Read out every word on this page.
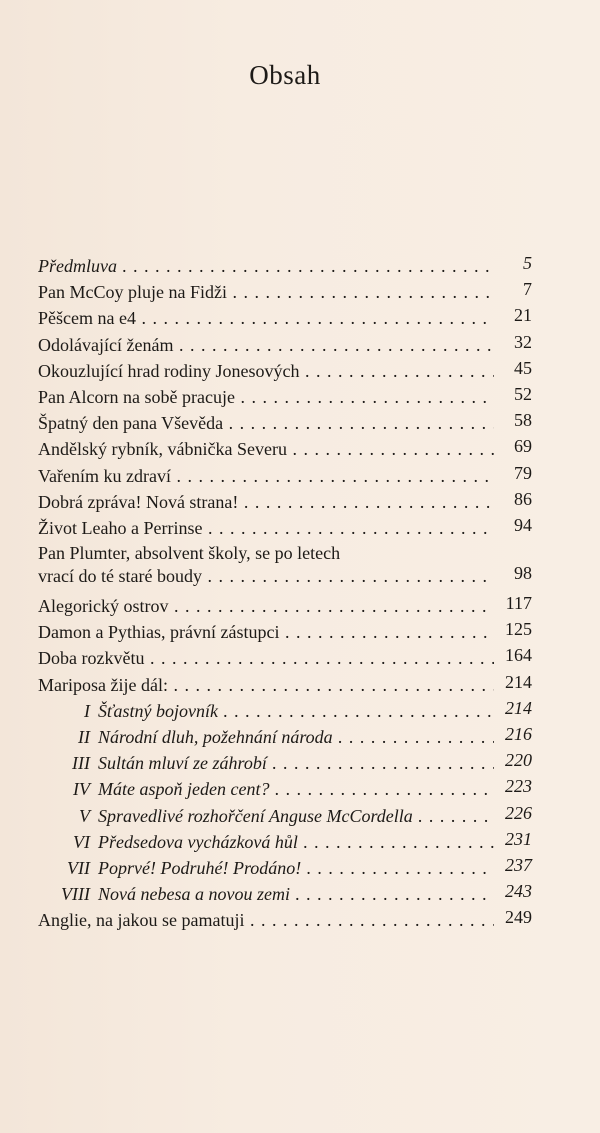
Obsah
Předmluva . . .	5
Pan McCoy pluje na Fidži . . .	7
Pěšcem na e4 . . .	21
Odolávající ženám . . .	32
Okouzlující hrad rodiny Jonesových . . .	45
Pan Alcorn na sobě pracuje . . .	52
Špatný den pana Vševěda . . .	58
Andělský rybník, vábnička Severu . . .	69
Vařením ku zdraví . . .	79
Dobrá zpráva! Nová strana! . . .	86
Život Leaho a Perrinse . . .	94
Pan Plumter, absolvent školy, se po letech
vrací do té staré boudy . . .	98
Alegorický ostrov . . .	117
Damon a Pythias, právní zástupci . . .	125
Doba rozkvětu . . .	164
Mariposa žije dál: . . .	214
I Šťastný bojovník . . .	214
II Národní dluh, požehnání národa . . .	216
III Sultán mluví ze záhrobí . . .	220
IV Máte aspoň jeden cent? . . .	223
V Spravedlivé rozhořčení Anguse McCordella . . .	226
VI Předsedova vycházková hůl . . .	231
VII Poprvé! Podruhé! Prodáno! . . .	237
VIII Nová nebesa a novou zemi . . .	243
Anglie, na jakou se pamatuji . . .	249
